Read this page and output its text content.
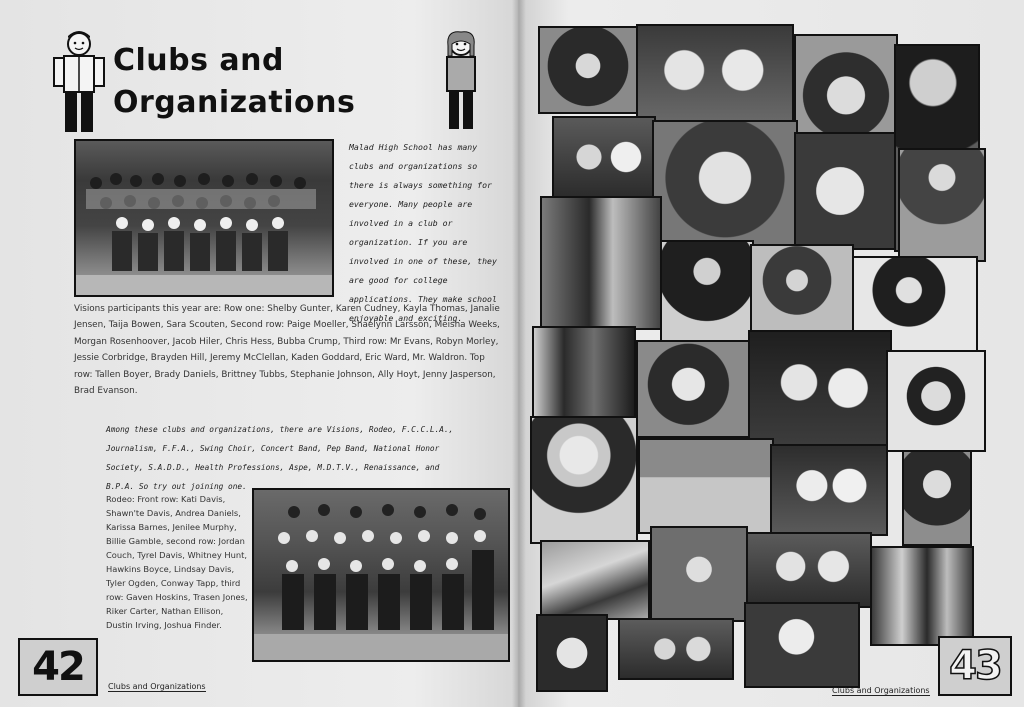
Clubs and
Organizations
Malad High School has many clubs and organizations so there is always something for everyone. Many people are involved in a club or organization. If you are involved in one of these, they are good for college applications. They make school enjoyable and exciting.
Visions participants this year are: Row one: Shelby Gunter, Karen Cudney, Kayla Thomas, Janalie Jensen, Taija Bowen, Sara Scouten, Second row: Paige Moeller, Shaelynn Larsson, Meisha Weeks, Morgan Rosenhoover, Jacob Hiler, Chris Hess, Bubba Crump, Third row: Mr Evans, Robyn Morley, Jessie Corbridge, Brayden Hill, Jeremy McClellan, Kaden Goddard, Eric Ward, Mr. Waldron. Top row: Tallen Boyer, Brady Daniels, Brittney Tubbs, Stephanie Johnson, Ally Hoyt, Jenny Jasperson, Brad Evanson.
Among these clubs and organizations, there are Visions, Rodeo, F.C.C.L.A., Journalism, F.F.A., Swing Choir, Concert Band, Pep Band, National Honor Society, S.A.D.D., Health Professions, Aspe, M.D.T.V., Renaissance, and B.P.A. So try out joining one.
Rodeo: Front row: Kati Davis, Shawn'te Davis, Andrea Daniels, Karissa Barnes, Jenilee Murphy, Billie Gamble, second row: Jordan Couch, Tyrel Davis, Whitney Hunt, Hawkins Boyce, Lindsay Davis, Tyler Ogden, Conway Tapp, third row: Gaven Hoskins, Trasen Jones, Riker Carter, Nathan Ellison, Dustin Irving, Joshua Finder.
42	Clubs and Organizations	43
Clubs and Organizations
